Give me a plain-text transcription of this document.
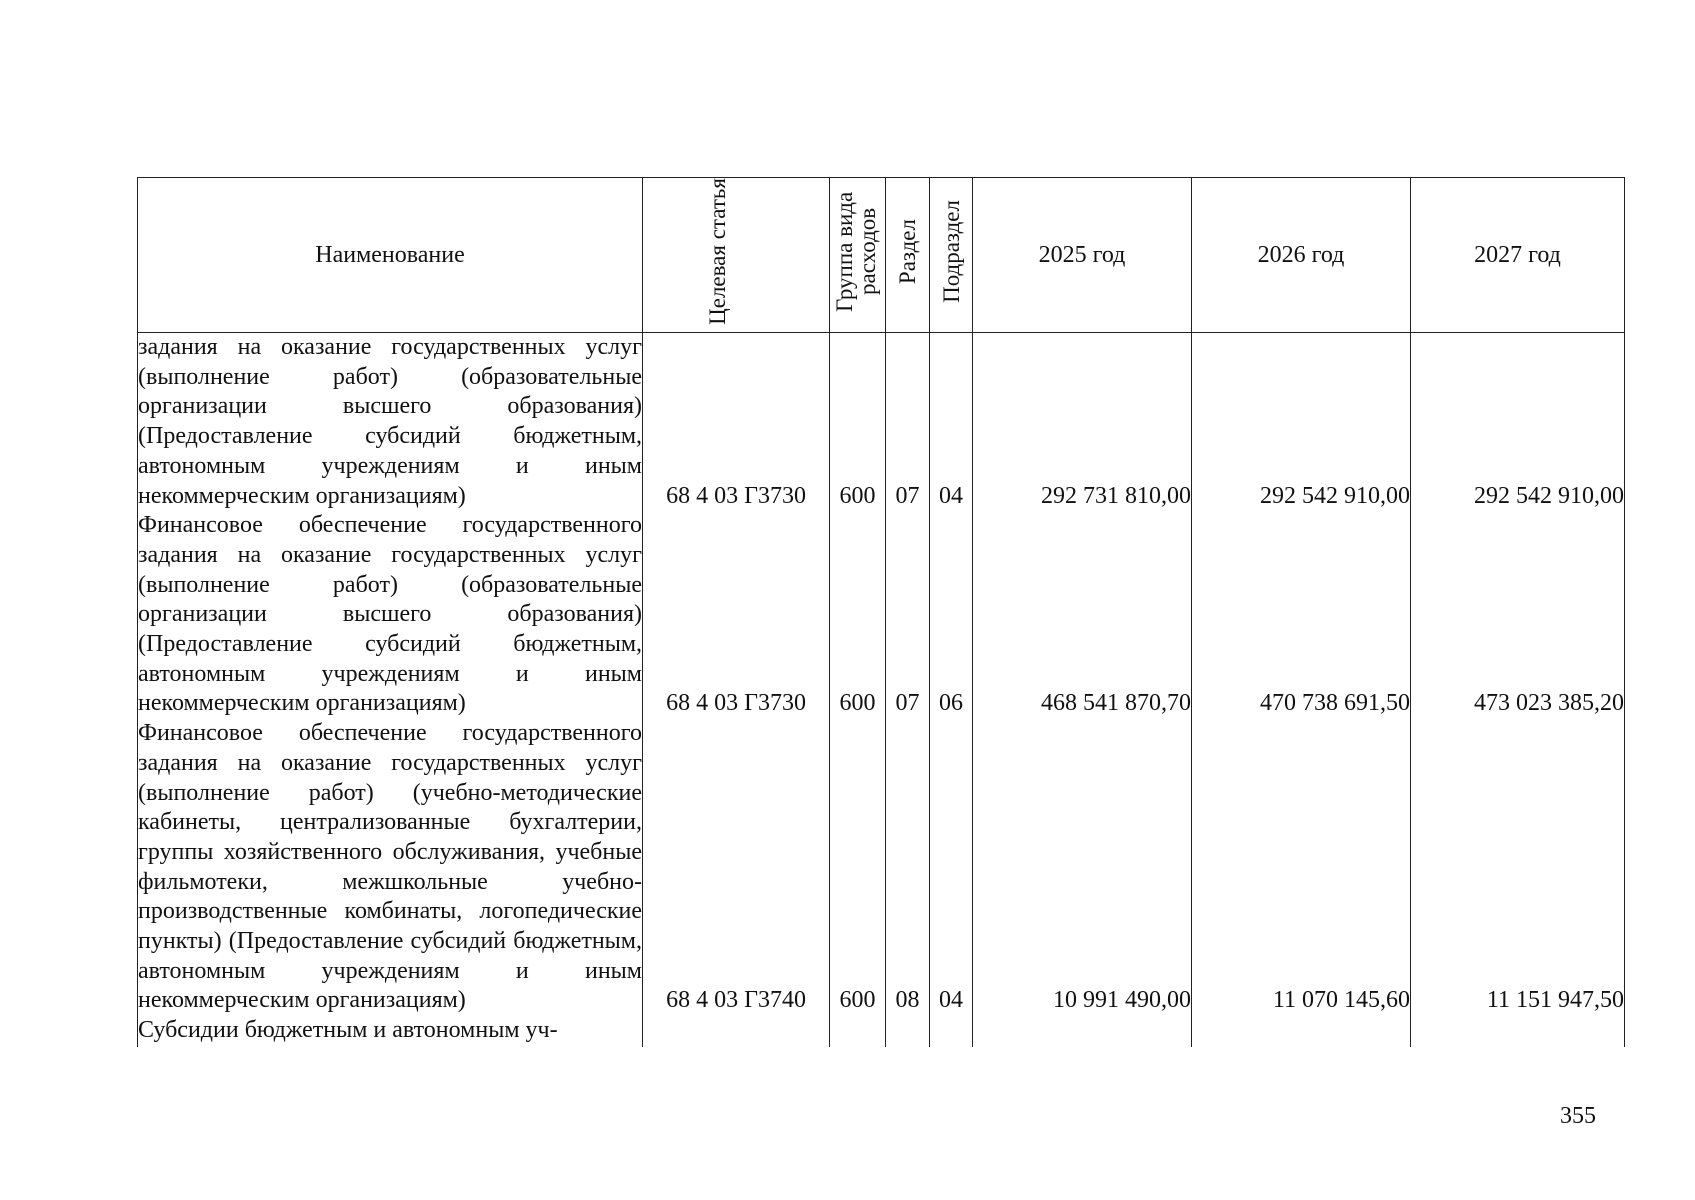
Наименование	Целевая статья	Группа вида расходов	Раздел	Подраздел	2025 год	2026 год	2027 год
задания на оказание государственных услуг (выполнение работ) (образовательные организации высшего образования) (Предоставление субсидий бюджетным, автономным учреждениям и иным некоммерческим организациям)	68 4 03 Г3730	600	07	04	292 731 810,00	292 542 910,00	292 542 910,00
Финансовое обеспечение государственного задания на оказание государственных услуг (выполнение работ) (образовательные организации высшего образования) (Предоставление субсидий бюджетным, автономным учреждениям и иным некоммерческим организациям)	68 4 03 Г3730	600	07	06	468 541 870,70	470 738 691,50	473 023 385,20
Финансовое обеспечение государственного задания на оказание государственных услуг (выполнение работ) (учебно-методические кабинеты, централизованные бухгалтерии, группы хозяйственного обслуживания, учебные фильмотеки, межшкольные учебно-производственные комбинаты, логопедические пункты) (Предоставление субсидий бюджетным, автономным учреждениям и иным некоммерческим организациям)	68 4 03 Г3740	600	08	04	10 991 490,00	11 070 145,60	11 151 947,50
Субсидии бюджетным и автономным уч-							
355
